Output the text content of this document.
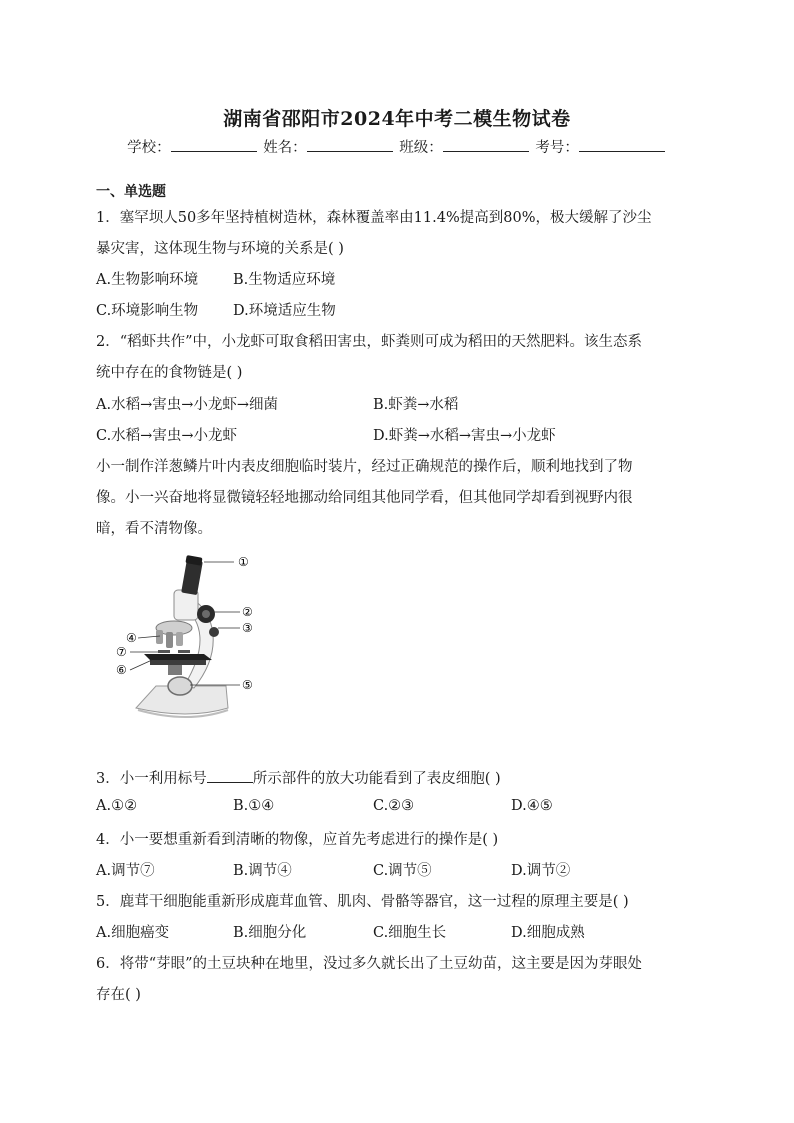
湖南省邵阳市2024年中考二模生物试卷
学校：	姓名：	班级：	考号：
一、单选题
1．塞罕坝人50多年坚持植树造林，森林覆盖率由11.4%提高到80%，极大缓解了沙尘
暴灾害，这体现生物与环境的关系是( )
A.生物影响环境 B.生物适应环境
C.环境影响生物 D.环境适应生物
2．“稻虾共作”中，小龙虾可取食稻田害虫，虾粪则可成为稻田的天然肥料。该生态系
统中存在的食物链是( )
A.水稻→害虫→小龙虾→细菌	B.虾粪→水稻
C.水稻→害虫→小龙虾	D.虾粪→水稻→害虫→小龙虾
小一制作洋葱鳞片叶内表皮细胞临时装片，经过正确规范的操作后，顺利地找到了物
像。小一兴奋地将显微镜轻轻地挪动给同组其他同学看，但其他同学却看到视野内很
暗，看不清物像。
①
②
③
④
⑤
⑥
⑦
3．小一利用标号	所示部件的放大功能看到了表皮细胞( )
A.①②	B.①④	C.②③	D.④⑤
4．小一要想重新看到清晰的物像，应首先考虑进行的操作是( )
A.调节⑦	B.调节④	C.调节⑤	D.调节②
5．鹿茸干细胞能重新形成鹿茸血管、肌肉、骨骼等器官，这一过程的原理主要是( )
A.细胞癌变	B.细胞分化	C.细胞生长	D.细胞成熟
6．将带“芽眼”的土豆块种在地里，没过多久就长出了土豆幼苗，这主要是因为芽眼处
存在( )
